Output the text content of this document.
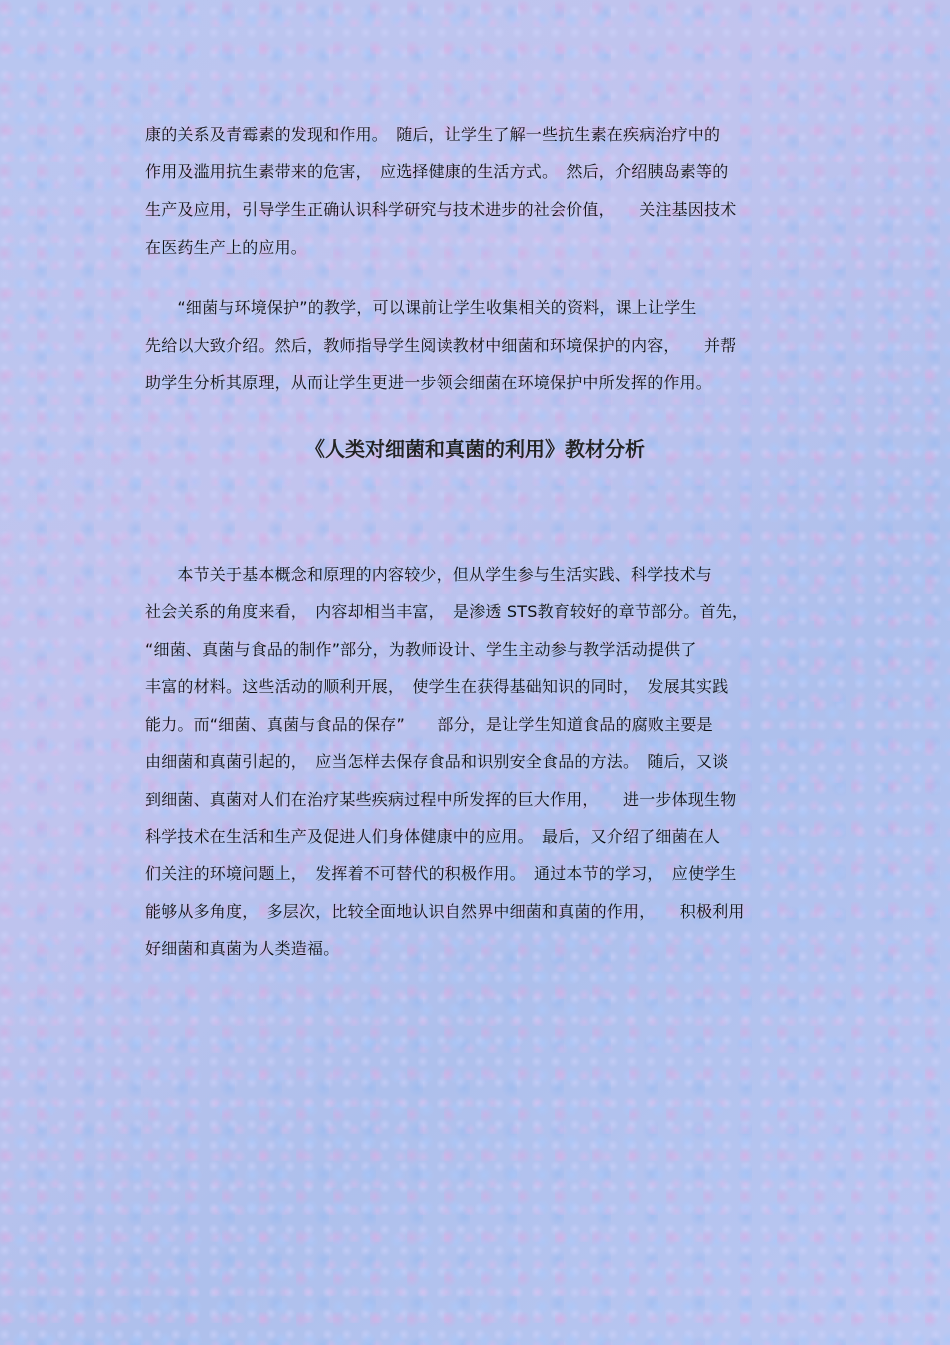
康的关系及青霉素的发现和作用。　随后，让学生了解一些抗生素在疾病治疗中的

作用及滥用抗生素带来的危害，　应选择健康的生活方式。　然后，介绍胰岛素等的

生产及应用，引导学生正确认识科学研究与技术进步的社会价值，　　关注基因技术

在医药生产上的应用。

　　“细菌与环境保护”的教学，可以课前让学生收集相关的资料，课上让学生

先给以大致介绍。然后，教师指导学生阅读教材中细菌和环境保护的内容，　　并帮

助学生分析其原理，从而让学生更进一步领会细菌在环境保护中所发挥的作用。

《人类对细菌和真菌的利用》教材分析

　　本节关于基本概念和原理的内容较少，但从学生参与生活实践、科学技术与

社会关系的角度来看，　内容却相当丰富，　是渗透 STS教育较好的章节部分。首先，

“细菌、真菌与食品的制作”部分，为教师设计、学生主动参与教学活动提供了

丰富的材料。这些活动的顺利开展，　使学生在获得基础知识的同时，　发展其实践

能力。而“细菌、真菌与食品的保存”　　部分，是让学生知道食品的腐败主要是

由细菌和真菌引起的，　应当怎样去保存食品和识别安全食品的方法。　随后，又谈

到细菌、真菌对人们在治疗某些疾病过程中所发挥的巨大作用，　　进一步体现生物

科学技术在生活和生产及促进人们身体健康中的应用。　最后，又介绍了细菌在人

们关注的环境问题上，　发挥着不可替代的积极作用。　通过本节的学习，　应使学生

能够从多角度，　多层次，比较全面地认识自然界中细菌和真菌的作用，　　积极利用

好细菌和真菌为人类造福。
